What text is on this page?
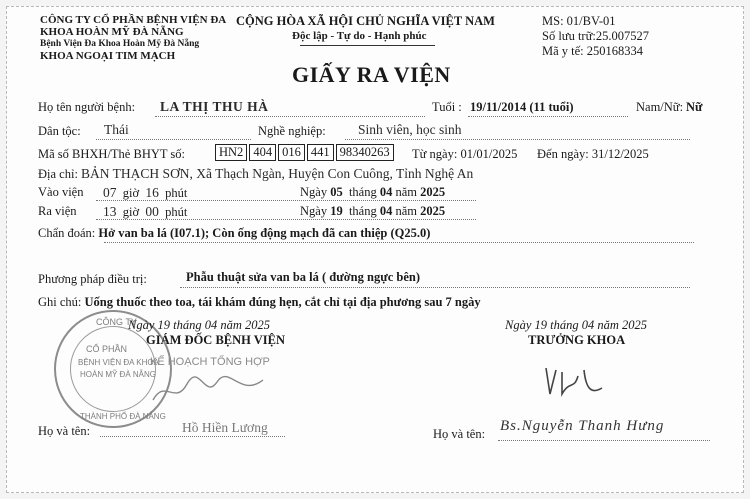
CÔNG TY CỔ PHẦN BỆNH VIỆN ĐA
KHOA HOÀN MỸ ĐÀ NẴNG
Bệnh Viện Đa Khoa Hoàn Mỹ Đà Nẵng
KHOA NGOẠI TIM MẠCH
CỘNG HÒA XÃ HỘI CHỦ NGHĨA VIỆT NAM
Độc lập - Tự do - Hạnh phúc
MS: 01/BV-01
Số lưu trữ:25.007527
Mã y tế: 250168334
GIẤY RA VIỆN
Họ tên người bệnh: LA THỊ THU HÀ	Tuổi : 19/11/2014 (11 tuổi)	Nam/Nữ: Nữ
Dân tộc: Thái	Nghề nghiệp: Sinh viên, học sinh
Mã số BHXH/Thẻ BHYT số:	HN2 404 016 441 98340263	Từ ngày: 01/01/2025 Đến ngày: 31/12/2025
Địa chỉ: BẢN THẠCH SƠN, Xã Thạch Ngàn, Huyện Con Cuông, Tỉnh Nghệ An
Vào viện 07 giờ 16 phút	Ngày 05 tháng 04 năm 2025
Ra viện 13 giờ 00 phút	Ngày 19 tháng 04 năm 2025
Chẩn đoán: Hở van ba lá (I07.1); Còn ống động mạch đã can thiệp (Q25.0)
Phương pháp điều trị:	Phẫu thuật sửa van ba lá ( đường ngực bên)
Ghi chú: Uống thuốc theo toa, tái khám đúng hẹn, cắt chỉ tại địa phương sau 7 ngày
CÔNG TY
CỔ PHẦN
BỆNH VIỆN ĐA KHOA
HOÀN MỸ ĐÀ NẴNG
THÀNH PHỐ ĐÀ NẴNG
KẾ HOẠCH TỔNG HỢP
Ngày 19 tháng 04 năm 2025
GIÁM ĐỐC BỆNH VIỆN
Họ và tên:	Hồ Hiền Lương
Ngày 19 tháng 04 năm 2025
TRƯỞNG KHOA
Họ và tên: Bs.Nguyễn Thanh Hưng
